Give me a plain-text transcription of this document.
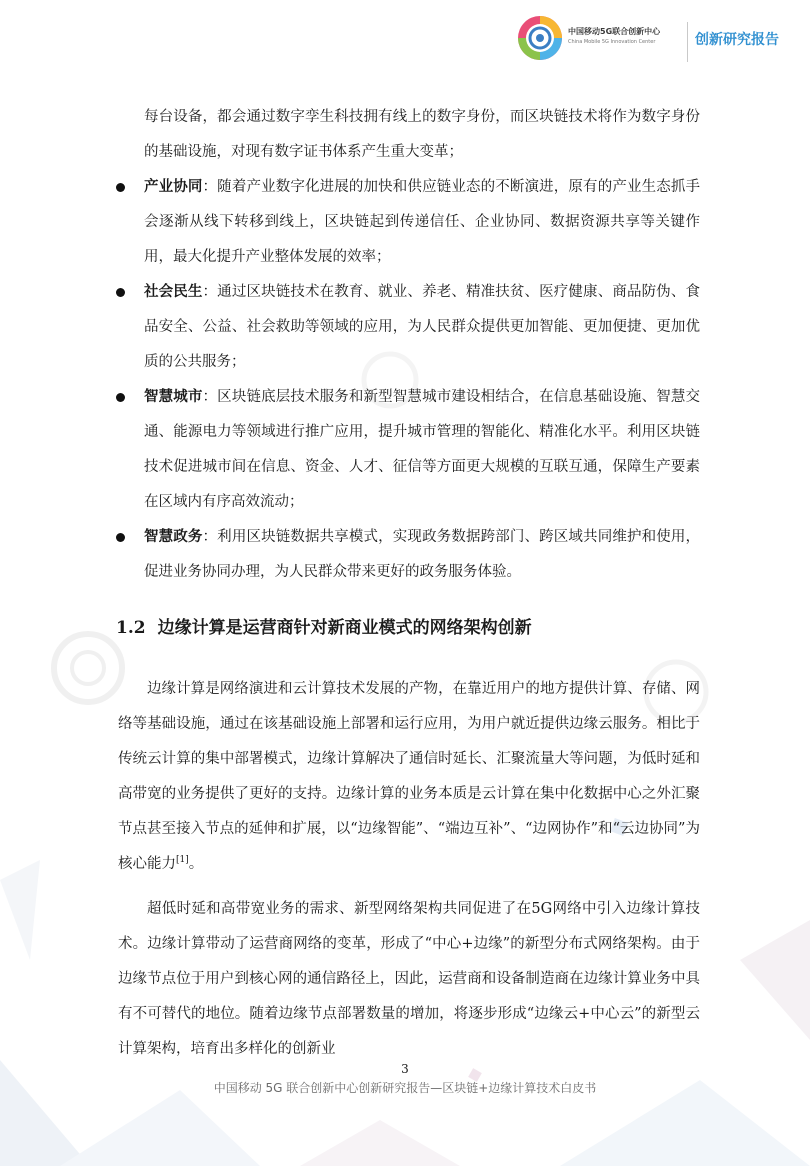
中国移动5G联合创新中心
China Mobile 5G Innovation Center	创新研究报告
每台设备，都会通过数字孪生科技拥有线上的数字身份，而区块链技术将作为数字身份的基础设施，对现有数字证书体系产生重大变革；
产业协同：随着产业数字化进展的加快和供应链业态的不断演进，原有的产业生态抓手会逐渐从线下转移到线上，区块链起到传递信任、企业协同、数据资源共享等关键作用，最大化提升产业整体发展的效率；
社会民生：通过区块链技术在教育、就业、养老、精准扶贫、医疗健康、商品防伪、食品安全、公益、社会救助等领域的应用，为人民群众提供更加智能、更加便捷、更加优质的公共服务；
智慧城市：区块链底层技术服务和新型智慧城市建设相结合，在信息基础设施、智慧交通、能源电力等领域进行推广应用，提升城市管理的智能化、精准化水平。利用区块链技术促进城市间在信息、资金、人才、征信等方面更大规模的互联互通，保障生产要素在区域内有序高效流动；
智慧政务：利用区块链数据共享模式，实现政务数据跨部门、跨区域共同维护和使用，促进业务协同办理，为人民群众带来更好的政务服务体验。
1.2 边缘计算是运营商针对新商业模式的网络架构创新

边缘计算是网络演进和云计算技术发展的产物，在靠近用户的地方提供计算、存储、网络等基础设施，通过在该基础设施上部署和运行应用，为用户就近提供边缘云服务。相比于传统云计算的集中部署模式，边缘计算解决了通信时延长、汇聚流量大等问题，为低时延和高带宽的业务提供了更好的支持。边缘计算的业务本质是云计算在集中化数据中心之外汇聚节点甚至接入节点的延伸和扩展，以“边缘智能”、“端边互补”、“边网协作”和“云边协同”为核心能力[1]。

超低时延和高带宽业务的需求、新型网络架构共同促进了在5G网络中引入边缘计算技术。边缘计算带动了运营商网络的变革，形成了“中心+边缘”的新型分布式网络架构。由于边缘节点位于用户到核心网的通信路径上，因此，运营商和设备制造商在边缘计算业务中具有不可替代的地位。随着边缘节点部署数量的增加，将逐步形成“边缘云+中心云”的新型云计算架构，培育出多样化的创新业

3
中国移动 5G 联合创新中心创新研究报告—区块链+边缘计算技术白皮书
